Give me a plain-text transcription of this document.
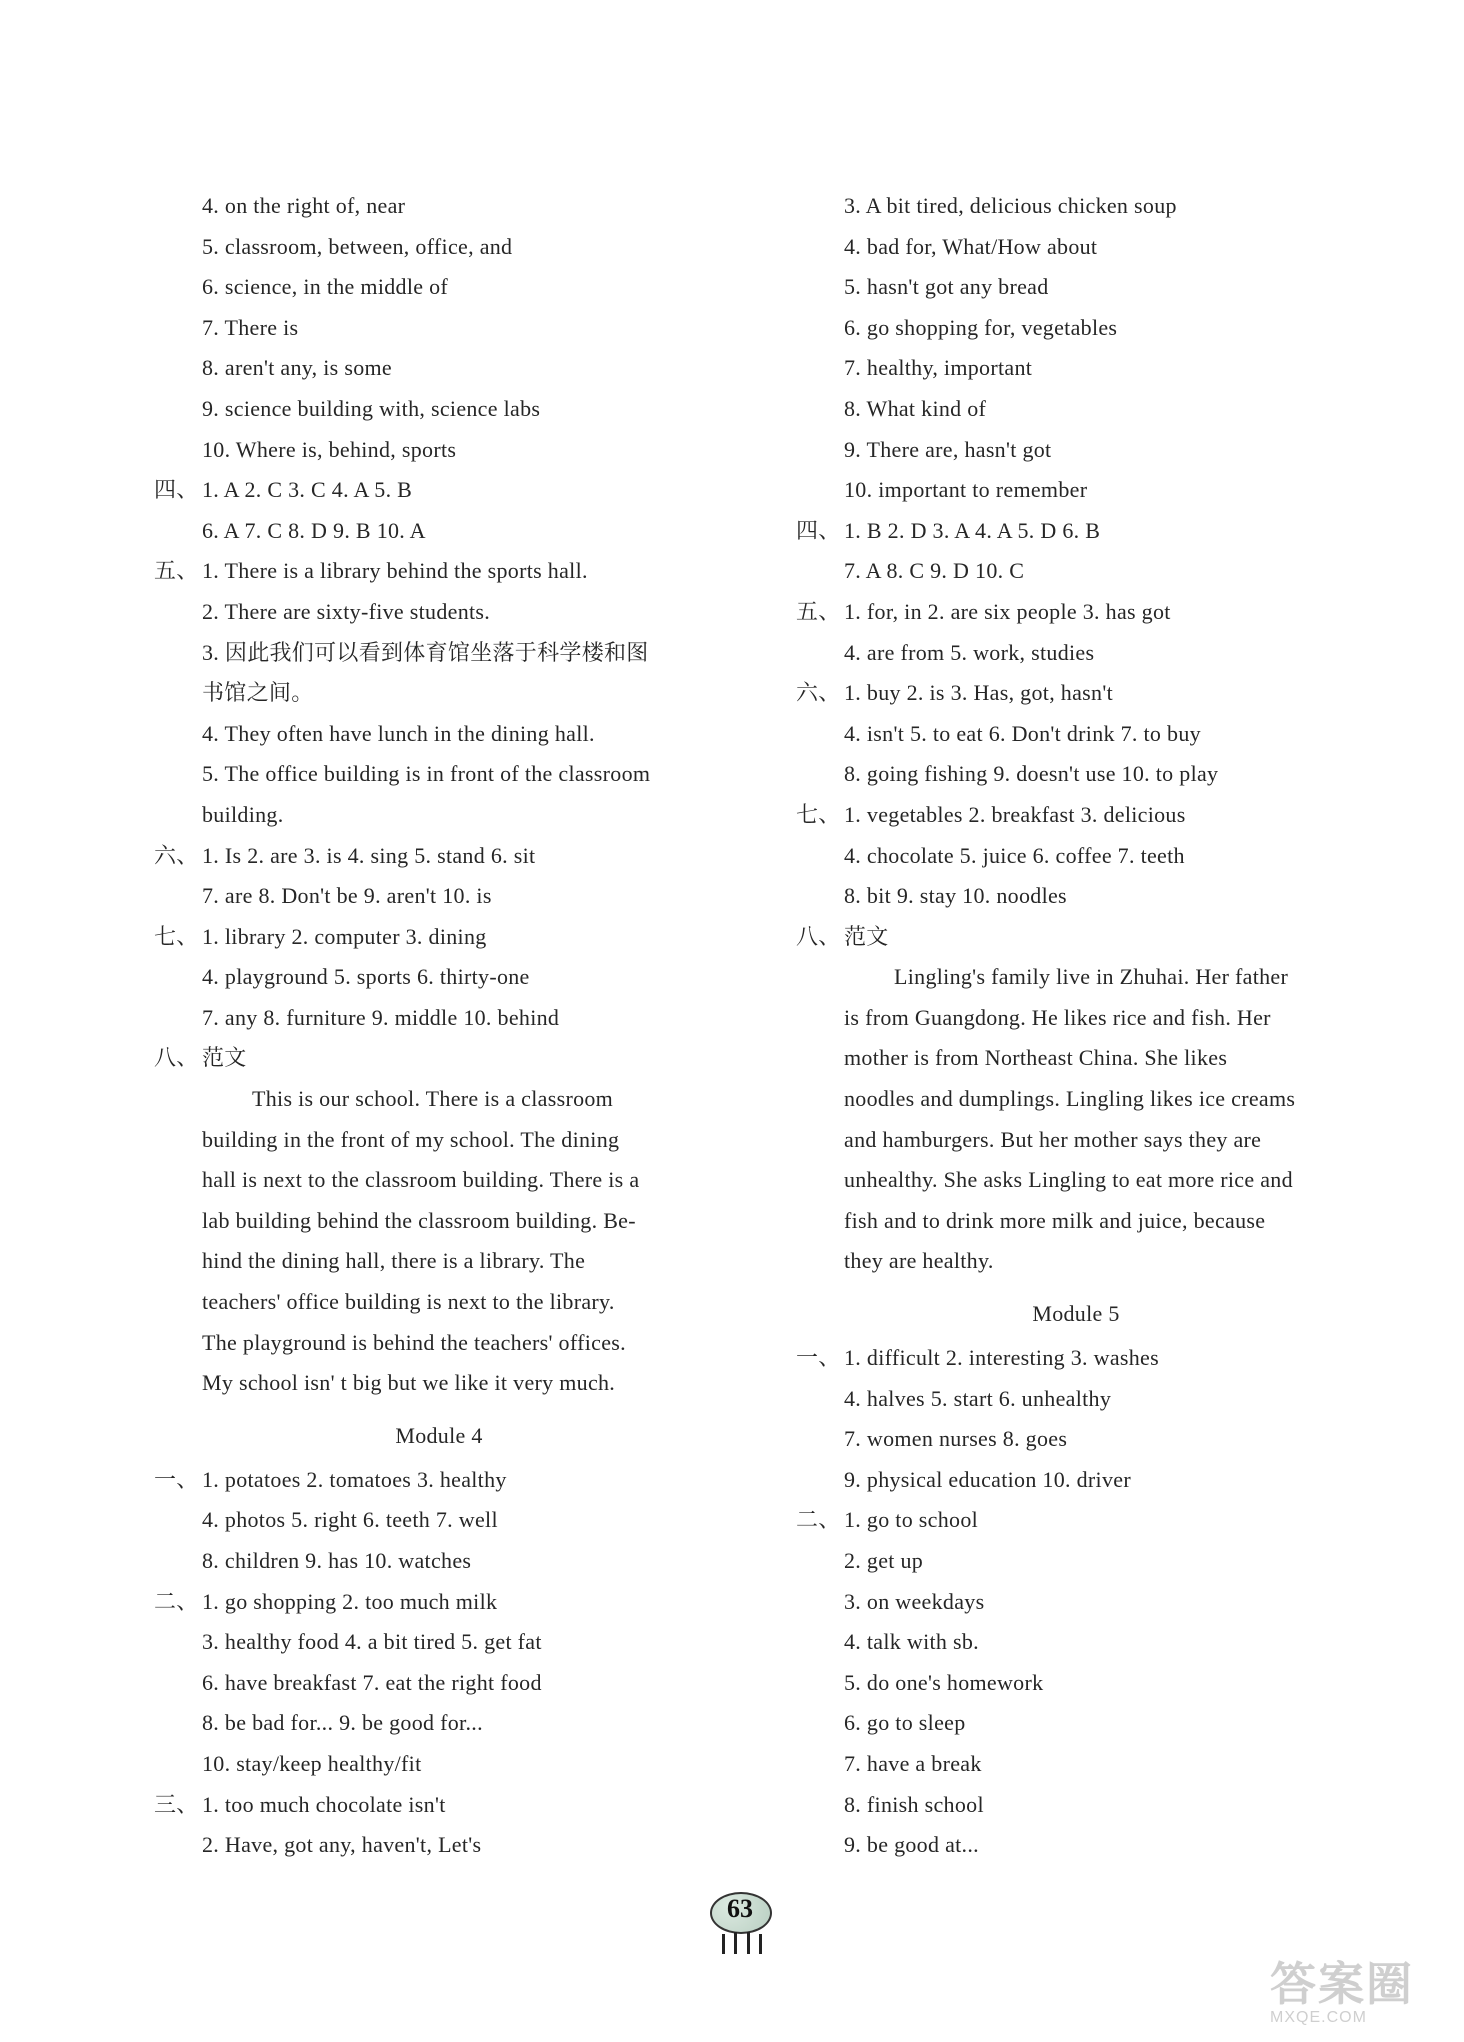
4. on the right of, near
5. classroom, between, office, and
6. science, in the middle of
7. There is
8. aren't any, is some
9. science building with, science labs
10. Where is, behind, sports
四、 1. A 2. C 3. C 4. A 5. B
6. A 7. C 8. D 9. B 10. A
五、 1. There is a library behind the sports hall.
2. There are sixty-five students.
3. 因此我们可以看到体育馆坐落于科学楼和图
书馆之间。
4. They often have lunch in the dining hall.
5. The office building is in front of the classroom
building.
六、 1. Is 2. are 3. is 4. sing 5. stand 6. sit
7. are 8. Don't be 9. aren't 10. is
七、 1. library 2. computer 3. dining
4. playground 5. sports 6. thirty-one
7. any 8. furniture 9. middle 10. behind
八、 范文
This is our school. There is a classroom
building in the front of my school. The dining
hall is next to the classroom building. There is a
lab building behind the classroom building. Be-
hind the dining hall, there is a library. The
teachers' office building is next to the library.
The playground is behind the teachers' offices.
My school isn' t big but we like it very much.
Module 4
一、 1. potatoes 2. tomatoes 3. healthy
4. photos 5. right 6. teeth 7. well
8. children 9. has 10. watches
二、 1. go shopping 2. too much milk
3. healthy food 4. a bit tired 5. get fat
6. have breakfast 7. eat the right food
8. be bad for... 9. be good for...
10. stay/keep healthy/fit
三、 1. too much chocolate isn't
2. Have, got any, haven't, Let's
3. A bit tired, delicious chicken soup
4. bad for, What/How about
5. hasn't got any bread
6. go shopping for, vegetables
7. healthy, important
8. What kind of
9. There are, hasn't got
10. important to remember
四、 1. B 2. D 3. A 4. A 5. D 6. B
7. A 8. C 9. D 10. C
五、 1. for, in 2. are six people 3. has got
4. are from 5. work, studies
六、 1. buy 2. is 3. Has, got, hasn't
4. isn't 5. to eat 6. Don't drink 7. to buy
8. going fishing 9. doesn't use 10. to play
七、 1. vegetables 2. breakfast 3. delicious
4. chocolate 5. juice 6. coffee 7. teeth
8. bit 9. stay 10. noodles
八、 范文
Lingling's family live in Zhuhai. Her father
is from Guangdong. He likes rice and fish. Her
mother is from Northeast China. She likes
noodles and dumplings. Lingling likes ice creams
and hamburgers. But her mother says they are
unhealthy. She asks Lingling to eat more rice and
fish and to drink more milk and juice, because
they are healthy.
Module 5
一、 1. difficult 2. interesting 3. washes
4. halves 5. start 6. unhealthy
7. women nurses 8. goes
9. physical education 10. driver
二、 1. go to school
2. get up
3. on weekdays
4. talk with sb.
5. do one's homework
6. go to sleep
7. have a break
8. finish school
9. be good at...
63
答案圈
MXQE.COM
